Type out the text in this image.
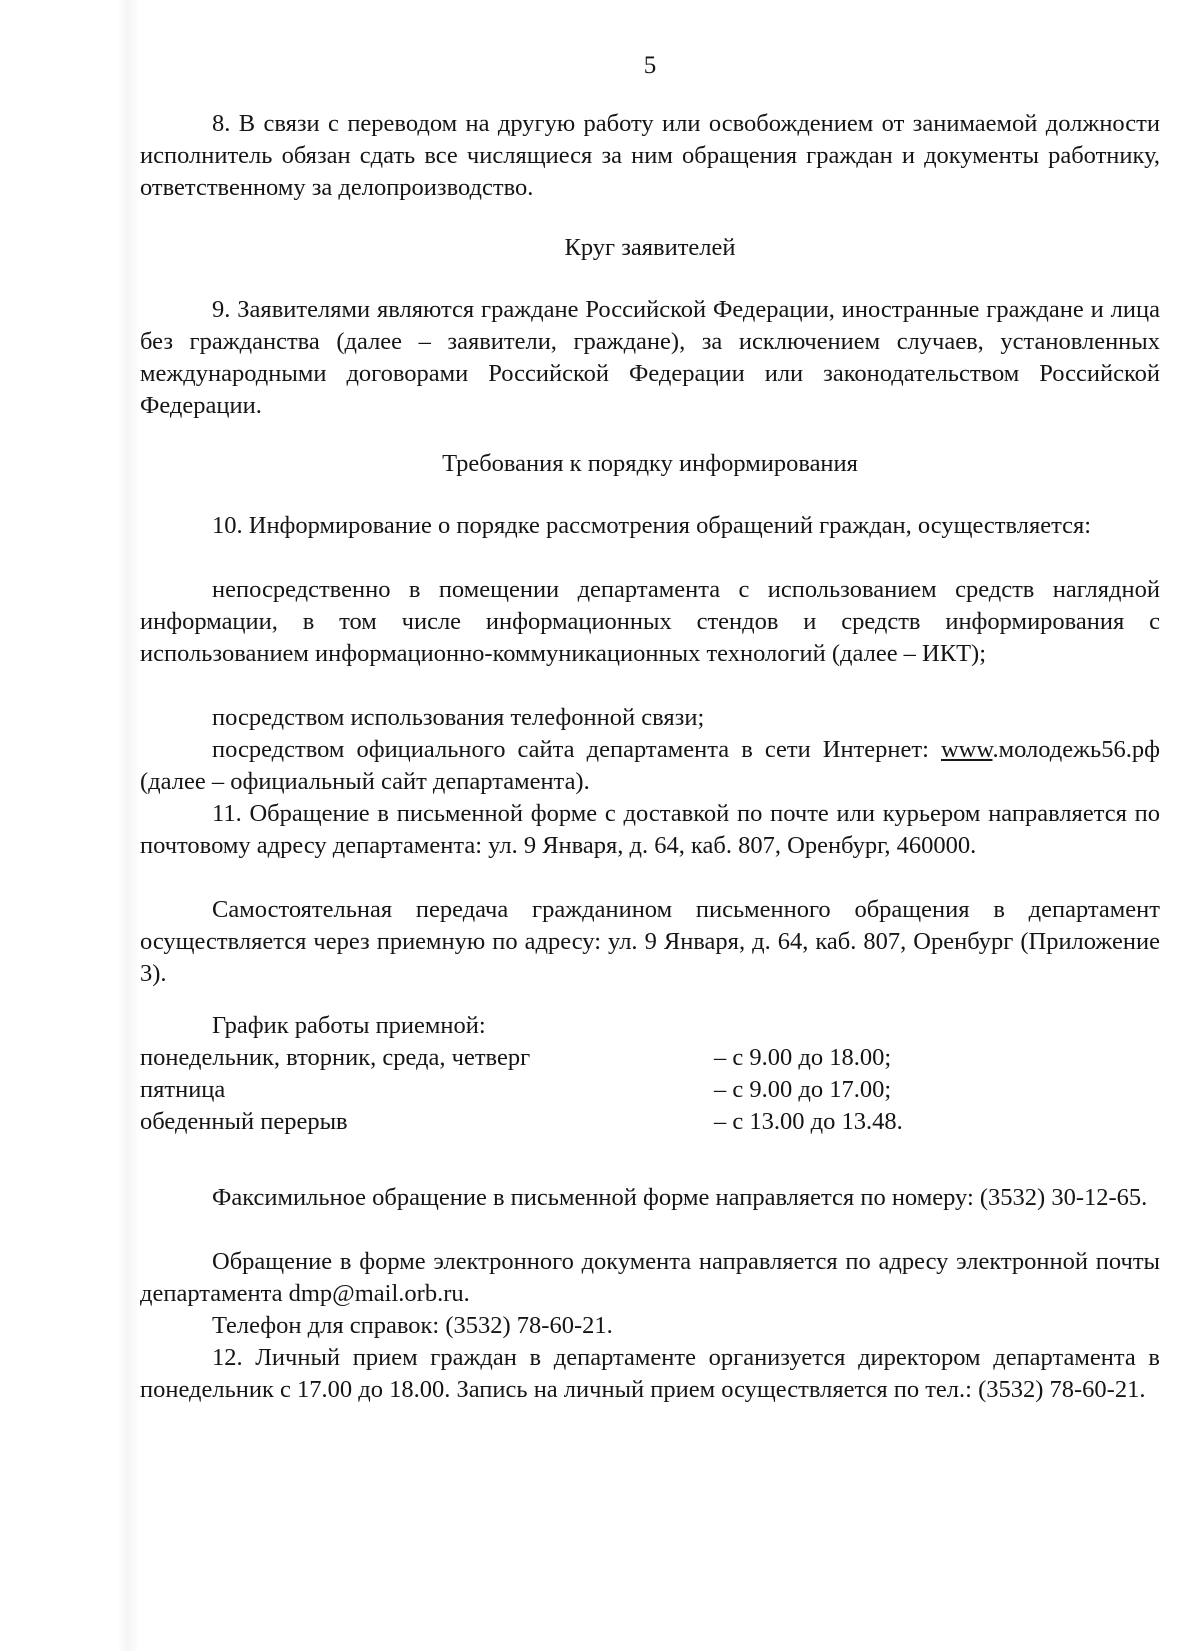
5
8. В связи с переводом на другую работу или освобождением от занимаемой должности исполнитель обязан сдать все числящиеся за ним обращения граждан и документы работнику, ответственному за делопроизводство.
Круг заявителей
9. Заявителями являются граждане Российской Федерации, иностранные граждане и лица без гражданства (далее – заявители, граждане), за исключением случаев, установленных международными договорами Российской Федерации или законодательством Российской Федерации.
Требования к порядку информирования
10. Информирование о порядке рассмотрения обращений граждан, осуществляется:
непосредственно в помещении департамента с использованием средств наглядной информации, в том числе информационных стендов и средств информирования с использованием информационно-коммуникационных технологий (далее – ИКТ);
посредством использования телефонной связи;
посредством официального сайта департамента в сети Интернет: www.молодежь56.рф (далее – официальный сайт департамента).
11. Обращение в письменной форме с доставкой по почте или курьером направляется по почтовому адресу департамента: ул. 9 Января, д. 64, каб. 807, Оренбург, 460000.
Самостоятельная передача гражданином письменного обращения в департамент осуществляется через приемную по адресу: ул. 9 Января, д. 64, каб. 807, Оренбург (Приложение 3).
График работы приемной:
понедельник, вторник, среда, четверг	– с 9.00 до 18.00;
пятница	– с 9.00 до 17.00;
обеденный перерыв	– с 13.00 до 13.48.
Факсимильное обращение в письменной форме направляется по номеру: (3532) 30-12-65.
Обращение в форме электронного документа направляется по адресу электронной почты департамента dmp@mail.orb.ru.
Телефон для справок: (3532) 78-60-21.
12. Личный прием граждан в департаменте организуется директором департамента в понедельник с 17.00 до 18.00. Запись на личный прием осуществляется по тел.: (3532) 78-60-21.
